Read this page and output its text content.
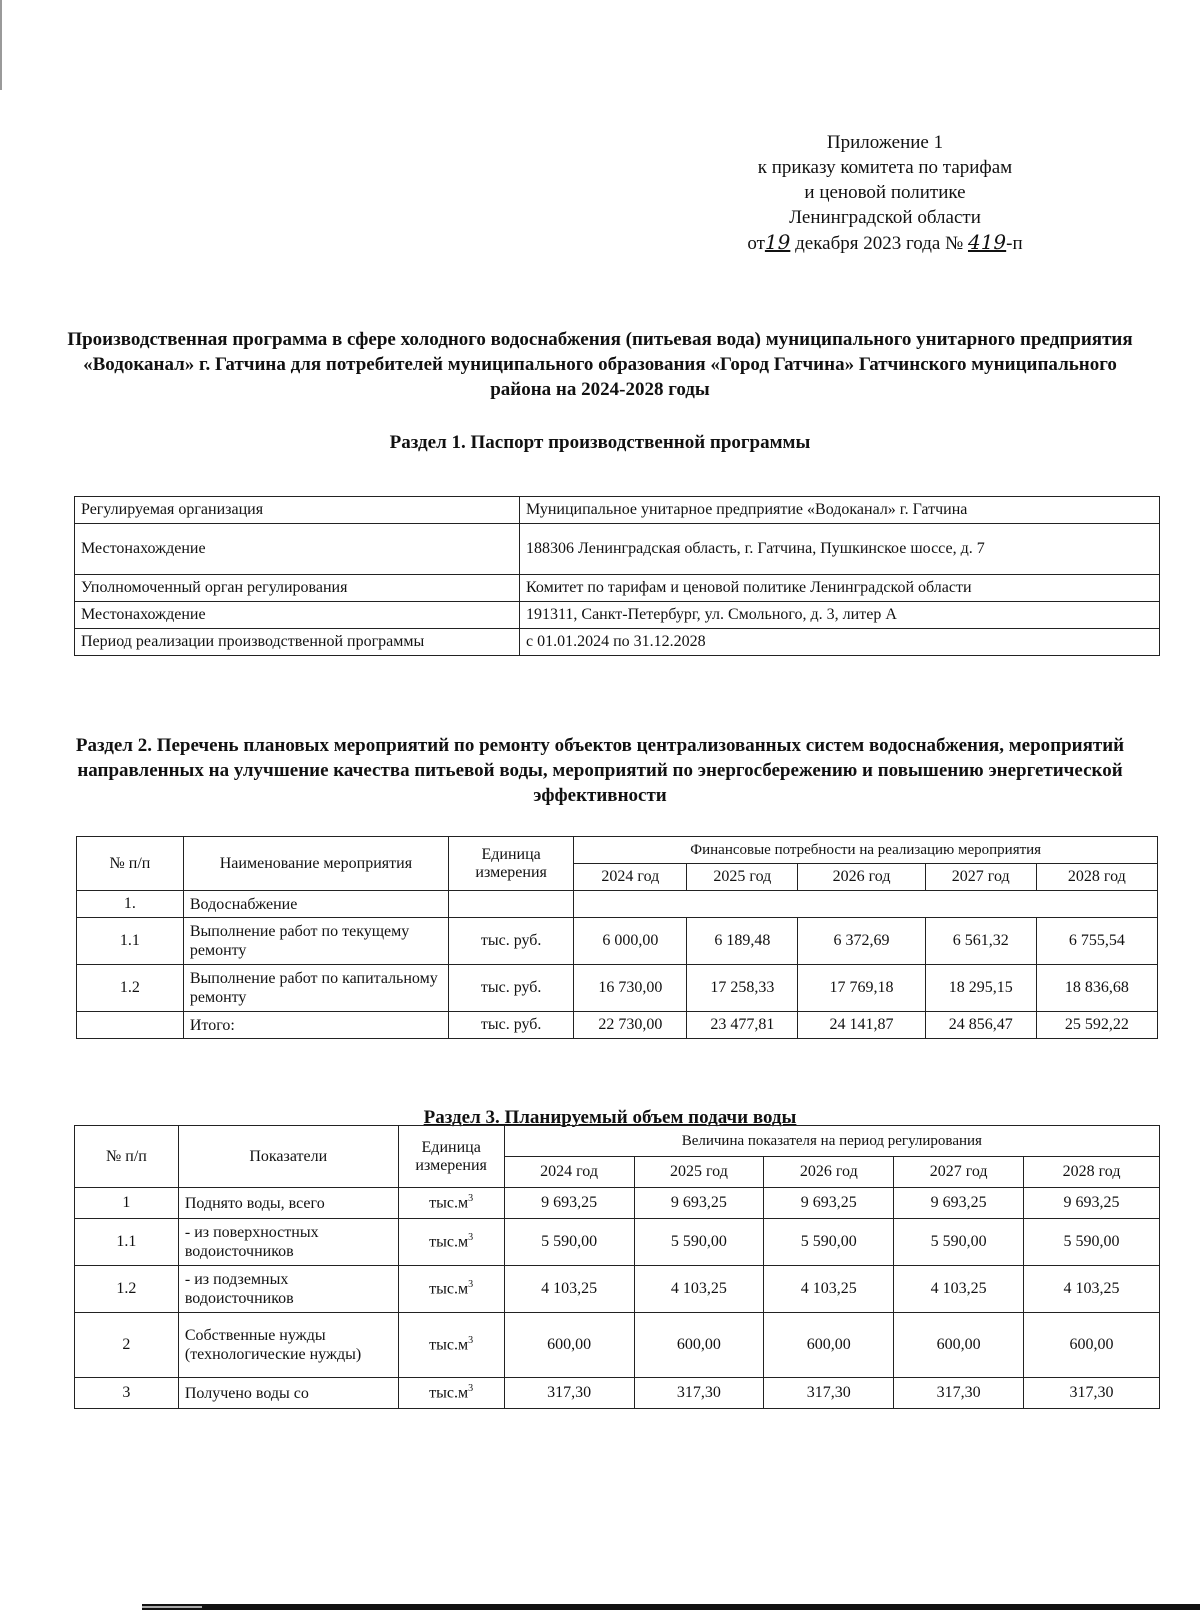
Приложение 1
к приказу комитета по тарифам
и ценовой политике
Ленинградской области
от19 декабря 2023 года № 419-п
Производственная программа в сфере холодного водоснабжения (питьевая вода) муниципального унитарного предприятия «Водоканал» г. Гатчина для потребителей муниципального образования «Город Гатчина» Гатчинского муниципального района на 2024-2028 годы
Раздел 1. Паспорт производственной программы
Регулируемая организация	Муниципальное унитарное предприятие «Водоканал» г. Гатчина
Местонахождение	188306 Ленинградская область, г. Гатчина, Пушкинское шоссе, д. 7
Уполномоченный орган регулирования	Комитет по тарифам и ценовой политике Ленинградской области
Местонахождение	191311, Санкт-Петербург, ул. Смольного, д. 3, литер А
Период реализации производственной программы	с 01.01.2024 по 31.12.2028
Раздел 2. Перечень плановых мероприятий по ремонту объектов централизованных систем водоснабжения, мероприятий направленных на улучшение качества питьевой воды, мероприятий по энергосбережению и повышению энергетической эффективности
№ п/п	Наименование мероприятия	Единица измерения	Финансовые потребности на реализацию мероприятия				
			2024 год	2025 год	2026 год	2027 год	2028 год
1.	Водоснабжение						
1.1	Выполнение работ по текущему ремонту	тыс. руб.	6 000,00	6 189,48	6 372,69	6 561,32	6 755,54
1.2	Выполнение работ по капитальному ремонту	тыс. руб.	16 730,00	17 258,33	17 769,18	18 295,15	18 836,68
	Итого:	тыс. руб.	22 730,00	23 477,81	24 141,87	24 856,47	25 592,22
Раздел 3. Планируемый объем подачи воды
№ п/п	Показатели	Единица измерения	Величина показателя на период регулирования				
			2024 год	2025 год	2026 год	2027 год	2028 год
1	Поднято воды, всего	$тыс.м^3$	9 693,25	9 693,25	9 693,25	9 693,25	9 693,25
1.1	- из поверхностных водоисточников	$тыс.м^3$	5 590,00	5 590,00	5 590,00	5 590,00	5 590,00
1.2	- из подземных водоисточников	$тыс.м^3$	4 103,25	4 103,25	4 103,25	4 103,25	4 103,25
2	Собственные нужды (технологические нужды)	$тыс.м^3$	600,00	600,00	600,00	600,00	600,00
3	Получено воды со	$тыс.м^3$	317,30	317,30	317,30	317,30	317,30
